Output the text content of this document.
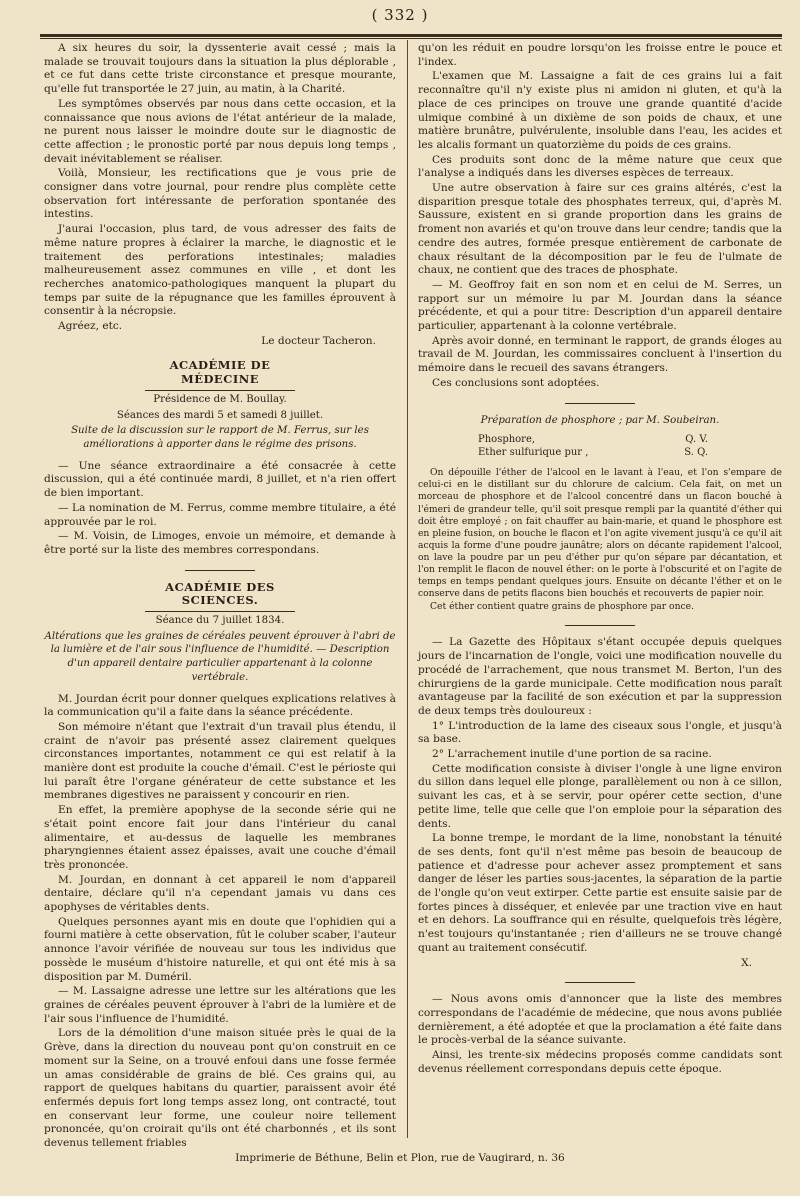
( 332 )

A six heures du soir, la dyssenterie avait cessé ; mais la malade se trouvait toujours dans la situation la plus déplorable , et ce fut dans cette triste circonstance et presque mourante, qu'elle fut transportée le 27 juin, au matin, à la Charité.

Les symptômes observés par nous dans cette occasion, et la connaissance que nous avions de l'état antérieur de la malade, ne purent nous laisser le moindre doute sur le diagnostic de cette affection ; le pronostic porté par nous depuis long temps , devait inévitablement se réaliser.

Voilà, Monsieur, les rectifications que je vous prie de consigner dans votre journal, pour rendre plus complète cette observation fort intéressante de perforation spontanée des intestins.

J'aurai l'occasion, plus tard, de vous adresser des faits de même nature propres à éclairer la marche, le diagnostic et le traitement des perforations intestinales; maladies malheureusement assez communes en ville , et dont les recherches anatomico-pathologiques manquent la plupart du temps par suite de la répugnance que les familles éprouvent à consentir à la nécropsie.

Agréez, etc.

Le docteur Tacheron.

ACADÉMIE DE MÉDECINE

Présidence de M. Boullay.

Séances des mardi 5 et samedi 8 juillet.

Suite de la discussion sur le rapport de M. Ferrus, sur les améliorations à apporter dans le régime des prisons.

— Une séance extraordinaire a été consacrée à cette discussion, qui a été continuée mardi, 8 juillet, et n'a rien offert de bien important.

— La nomination de M. Ferrus, comme membre titulaire, a été approuvée par le roi.

— M. Voisin, de Limoges, envoie un mémoire, et demande à être porté sur la liste des membres correspondans.

ACADÉMIE DES SCIENCES.

Séance du 7 juillet 1834.

Altérations que les graines de céréales peuvent éprouver à l'abri de la lumière et de l'air sous l'influence de l'humidité. — Description d'un appareil dentaire particulier appartenant à la colonne vertébrale.

M. Jourdan écrit pour donner quelques explications relatives à la communication qu'il a faite dans la séance précédente.

Son mémoire n'étant que l'extrait d'un travail plus étendu, il craint de n'avoir pas présenté assez clairement quelques circonstances importantes, notamment ce qui est relatif à la manière dont est produite la couche d'émail. C'est le périoste qui lui paraît être l'organe générateur de cette substance et les membranes digestives ne paraissent y concourir en rien.

En effet, la première apophyse de la seconde série qui ne s'était point encore fait jour dans l'intérieur du canal alimentaire, et au-dessus de laquelle les membranes pharyngiennes étaient assez épaisses, avait une couche d'émail très prononcée.

M. Jourdan, en donnant à cet appareil le nom d'appareil dentaire, déclare qu'il n'a cependant jamais vu dans ces apophyses de véritables dents.

Quelques personnes ayant mis en doute que l'ophidien qui a fourni matière à cette observation, fût le coluber scaber, l'auteur annonce l'avoir vérifiée de nouveau sur tous les individus que possède le muséum d'histoire naturelle, et qui ont été mis à sa disposition par M. Duméril.

— M. Lassaigne adresse une lettre sur les altérations que les graines de céréales peuvent éprouver à l'abri de la lumière et de l'air sous l'influence de l'humidité.

Lors de la démolition d'une maison située près le quai de la Grève, dans la direction du nouveau pont qu'on construit en ce moment sur la Seine, on a trouvé enfoui dans une fosse fermée un amas considérable de grains de blé. Ces grains qui, au rapport de quelques habitans du quartier, paraissent avoir été enfermés depuis fort long temps assez long, ont contracté, tout en conservant leur forme, une couleur noire tellement prononcée, qu'on croirait qu'ils ont été charbonnés , et ils sont devenus tellement friables

qu'on les réduit en poudre lorsqu'on les froisse entre le pouce et l'index.

L'examen que M. Lassaigne a fait de ces grains lui a fait reconnaître qu'il n'y existe plus ni amidon ni gluten, et qu'à la place de ces principes on trouve une grande quantité d'acide ulmique combiné à un dixième de son poids de chaux, et une matière brunâtre, pulvérulente, insoluble dans l'eau, les acides et les alcalis formant un quatorzième du poids de ces grains.

Ces produits sont donc de la même nature que ceux que l'analyse a indiqués dans les diverses espèces de terreaux.

Une autre observation à faire sur ces grains altérés, c'est la disparition presque totale des phosphates terreux, qui, d'après M. Saussure, existent en si grande proportion dans les grains de froment non avariés et qu'on trouve dans leur cendre; tandis que la cendre des autres, formée presque entièrement de carbonate de chaux résultant de la décomposition par le feu de l'ulmate de chaux, ne contient que des traces de phosphate.

— M. Geoffroy fait en son nom et en celui de M. Serres, un rapport sur un mémoire lu par M. Jourdan dans la séance précédente, et qui a pour titre: Description d'un appareil dentaire particulier, appartenant à la colonne vertébrale.

Après avoir donné, en terminant le rapport, de grands éloges au travail de M. Jourdan, les commissaires concluent à l'insertion du mémoire dans le recueil des savans étrangers.

Ces conclusions sont adoptées.

Préparation de phosphore ; par M. Soubeiran.

Phosphore,	Q. V.
Ether sulfurique pur ,	S. Q.

On dépouille l'éther de l'alcool en le lavant à l'eau, et l'on s'empare de celui-ci en le distillant sur du chlorure de calcium. Cela fait, on met un morceau de phosphore et de l'alcool concentré dans un flacon bouché à l'émeri de grandeur telle, qu'il soit presque rempli par la quantité d'éther qui doit être employé ; on fait chauffer au bain-marie, et quand le phosphore est en pleine fusion, on bouche le flacon et l'on agite vivement jusqu'à ce qu'il ait acquis la forme d'une poudre jaunâtre; alors on décante rapidement l'alcool, on lave la poudre par un peu d'éther pur qu'on sépare par décantation, et l'on remplit le flacon de nouvel éther: on le porte à l'obscurité et on l'agite de temps en temps pendant quelques jours. Ensuite on décante l'éther et on le conserve dans de petits flacons bien bouchés et recouverts de papier noir.

Cet éther contient quatre grains de phosphore par once.

— La Gazette des Hôpitaux s'étant occupée depuis quelques jours de l'incarnation de l'ongle, voici une modification nouvelle du procédé de l'arrachement, que nous transmet M. Berton, l'un des chirurgiens de la garde municipale. Cette modification nous paraît avantageuse par la facilité de son exécution et par la suppression de deux temps très douloureux :

1° L'introduction de la lame des ciseaux sous l'ongle, et jusqu'à sa base.

2° L'arrachement inutile d'une portion de sa racine.

Cette modification consiste à diviser l'ongle à une ligne environ du sillon dans lequel elle plonge, parallèlement ou non à ce sillon, suivant les cas, et à se servir, pour opérer cette section, d'une petite lime, telle que celle que l'on emploie pour la séparation des dents.

La bonne trempe, le mordant de la lime, nonobstant la ténuité de ses dents, font qu'il n'est même pas besoin de beaucoup de patience et d'adresse pour achever assez promptement et sans danger de léser les parties sous-jacentes, la séparation de la partie de l'ongle qu'on veut extirper. Cette partie est ensuite saisie par de fortes pinces à disséquer, et enlevée par une traction vive en haut et en dehors. La souffrance qui en résulte, quelquefois très légère, n'est toujours qu'instantanée ; rien d'ailleurs ne se trouve changé quant au traitement consécutif.

X.

— Nous avons omis d'annoncer que la liste des membres correspondans de l'académie de médecine, que nous avons publiée dernièrement, a été adoptée et que la proclamation a été faite dans le procès-verbal de la séance suivante.

Ainsi, les trente-six médecins proposés comme candidats sont devenus réellement correspondans depuis cette époque.

Imprimerie de Béthune, Belin et Plon, rue de Vaugirard, n. 36
